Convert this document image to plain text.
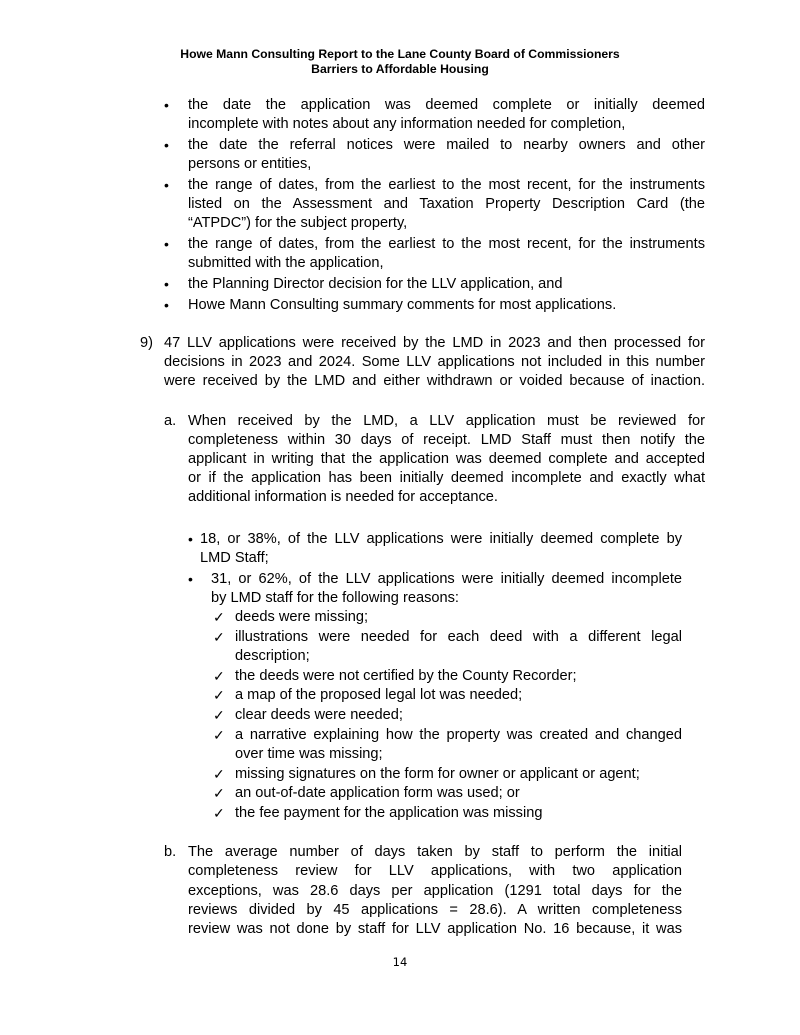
Howe Mann Consulting Report to the Lane County Board of Commissioners
Barriers to Affordable Housing
• the date the application was deemed complete or initially deemed
incomplete with notes about any information needed for completion,
• the date the referral notices were mailed to nearby owners and other
persons or entities,
• the range of dates, from the earliest to the most recent, for the instruments
listed on the Assessment and Taxation Property Description Card (the
“ATPDC”) for the subject property,
• the range of dates, from the earliest to the most recent, for the instruments
submitted with the application,
• the Planning Director decision for the LLV application, and
• Howe Mann Consulting summary comments for most applications.
9) 47 LLV applications were received by the LMD in 2023 and then processed for
decisions in 2023 and 2024. Some LLV applications not included in this number
were received by the LMD and either withdrawn or voided because of inaction.
a. When received by the LMD, a LLV application must be reviewed for
completeness within 30 days of receipt. LMD Staff must then notify the
applicant in writing that the application was deemed complete and accepted
or if the application has been initially deemed incomplete and exactly what
additional information is needed for acceptance.
• 18, or 38%, of the LLV applications were initially deemed complete by
LMD Staff;
• 31, or 62%, of the LLV applications were initially deemed incomplete
by LMD staff for the following reasons:
✓ deeds were missing;
✓ illustrations were needed for each deed with a different legal
description;
✓ the deeds were not certified by the County Recorder;
✓ a map of the proposed legal lot was needed;
✓ clear deeds were needed;
✓ a narrative explaining how the property was created and changed
over time was missing;
✓ missing signatures on the form for owner or applicant or agent;
✓ an out-of-date application form was used; or
✓ the fee payment for the application was missing
b. The average number of days taken by staff to perform the initial
completeness review for LLV applications, with two application
exceptions, was 28.6 days per application (1291 total days for the
reviews divided by 45 applications = 28.6). A written completeness
review was not done by staff for LLV application No. 16 because, it was
14
